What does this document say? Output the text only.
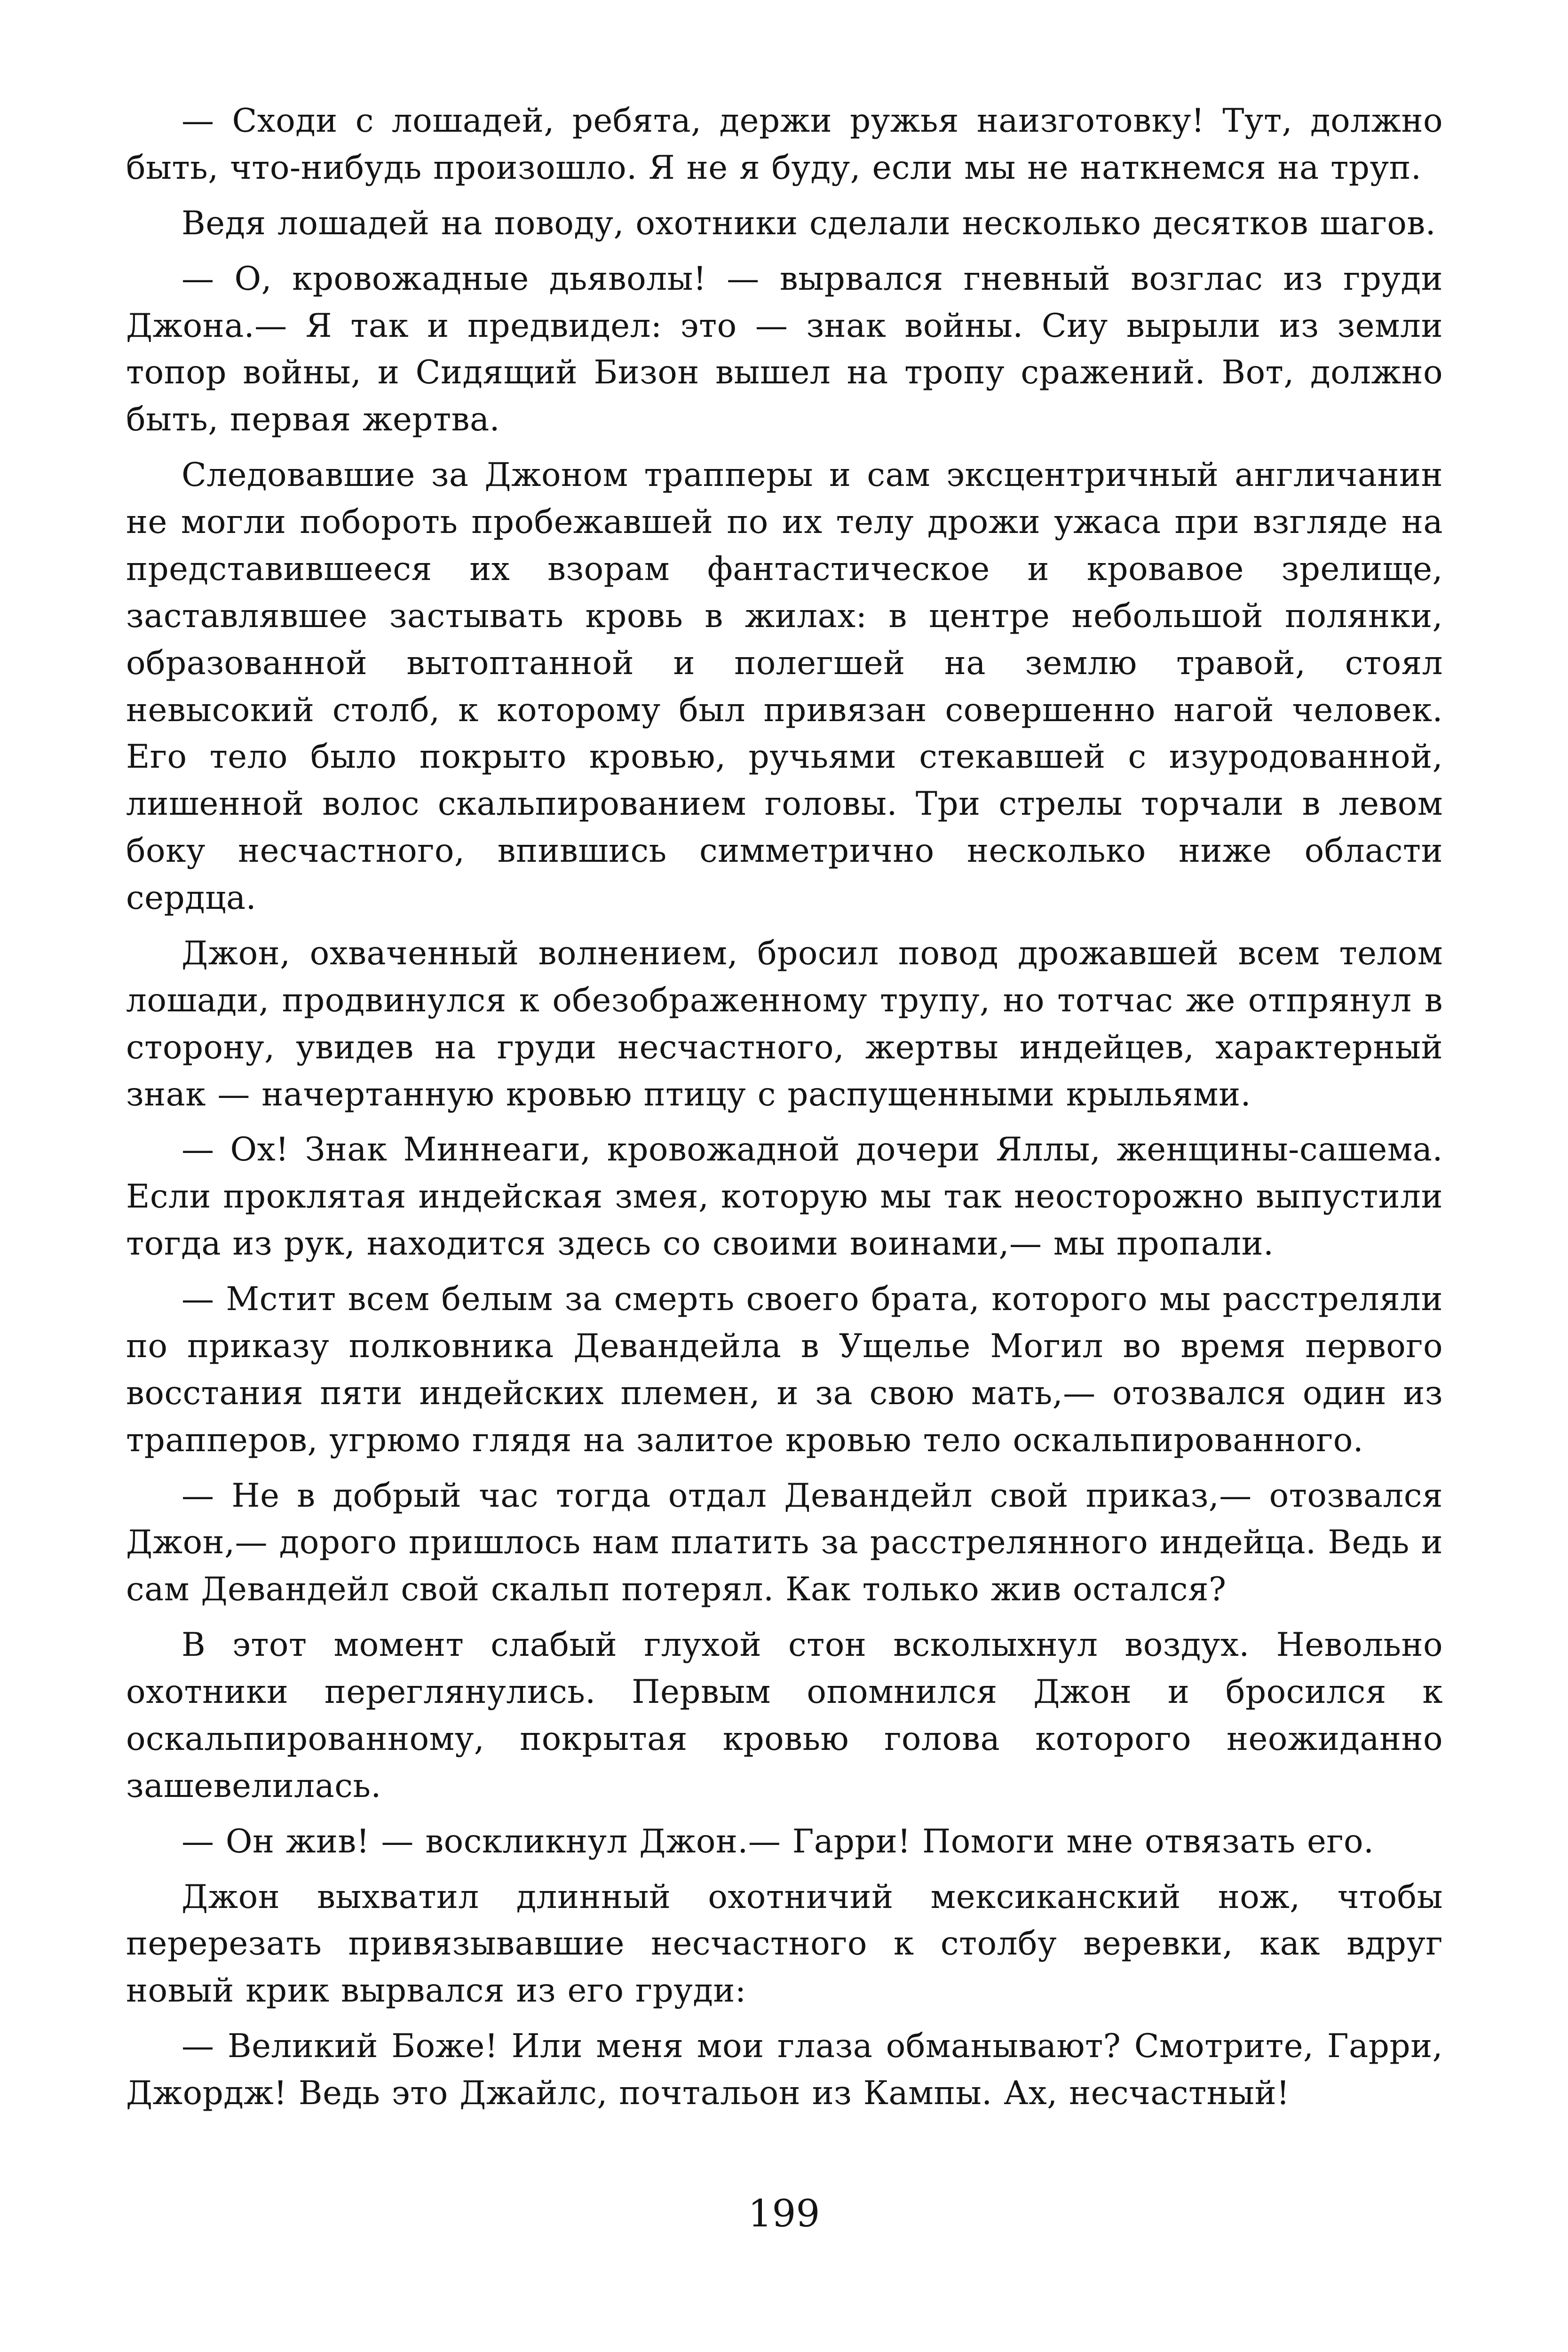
— Сходи с лошадей, ребята, держи ружья наизготовку! Тут, должно быть, что-нибудь произошло. Я не я буду, если мы не наткнемся на труп.

Ведя лошадей на поводу, охотники сделали несколько десятков шагов.

— О, кровожадные дьяволы! — вырвался гневный возглас из груди Джона.— Я так и предвидел: это — знак войны. Сиу вырыли из земли топор войны, и Сидящий Бизон вышел на тропу сражений. Вот, должно быть, первая жертва.

Следовавшие за Джоном трапперы и сам эксцентричный англичанин не могли побороть пробежавшей по их телу дрожи ужаса при взгляде на представившееся их взорам фантастическое и кровавое зрелище, заставлявшее застывать кровь в жилах: в центре небольшой полянки, образованной вытоптанной и полегшей на землю травой, стоял невысокий столб, к которому был привязан совершенно нагой человек. Его тело было покрыто кровью, ручьями стекавшей с изуродованной, лишенной волос скальпированием головы. Три стрелы торчали в левом боку несчастного, впившись симметрично несколько ниже области сердца.

Джон, охваченный волнением, бросил повод дрожавшей всем телом лошади, продвинулся к обезображенному трупу, но тотчас же отпрянул в сторону, увидев на груди несчастного, жертвы индейцев, характерный знак — начертанную кровью птицу с распущенными крыльями.

— Ох! Знак Миннеаги, кровожадной дочери Яллы, женщины-сашема. Если проклятая индейская змея, которую мы так неосторожно выпустили тогда из рук, находится здесь со своими воинами,— мы пропали.

— Мстит всем белым за смерть своего брата, которого мы расстреляли по приказу полковника Девандейла в Ущелье Могил во время первого восстания пяти индейских племен, и за свою мать,— отозвался один из трапперов, угрюмо глядя на залитое кровью тело оскальпированного.

— Не в добрый час тогда отдал Девандейл свой приказ,— отозвался Джон,— дорого пришлось нам платить за расстрелянного индейца. Ведь и сам Девандейл свой скальп потерял. Как только жив остался?

В этот момент слабый глухой стон всколыхнул воздух. Невольно охотники переглянулись. Первым опомнился Джон и бросился к оскальпированному, покрытая кровью голова которого неожиданно зашевелилась.

— Он жив! — воскликнул Джон.— Гарри! Помоги мне отвязать его.

Джон выхватил длинный охотничий мексиканский нож, чтобы перерезать привязывавшие несчастного к столбу веревки, как вдруг новый крик вырвался из его груди:

— Великий Боже! Или меня мои глаза обманывают? Смотрите, Гарри, Джордж! Ведь это Джайлс, почтальон из Кампы. Ах, несчастный!

199
